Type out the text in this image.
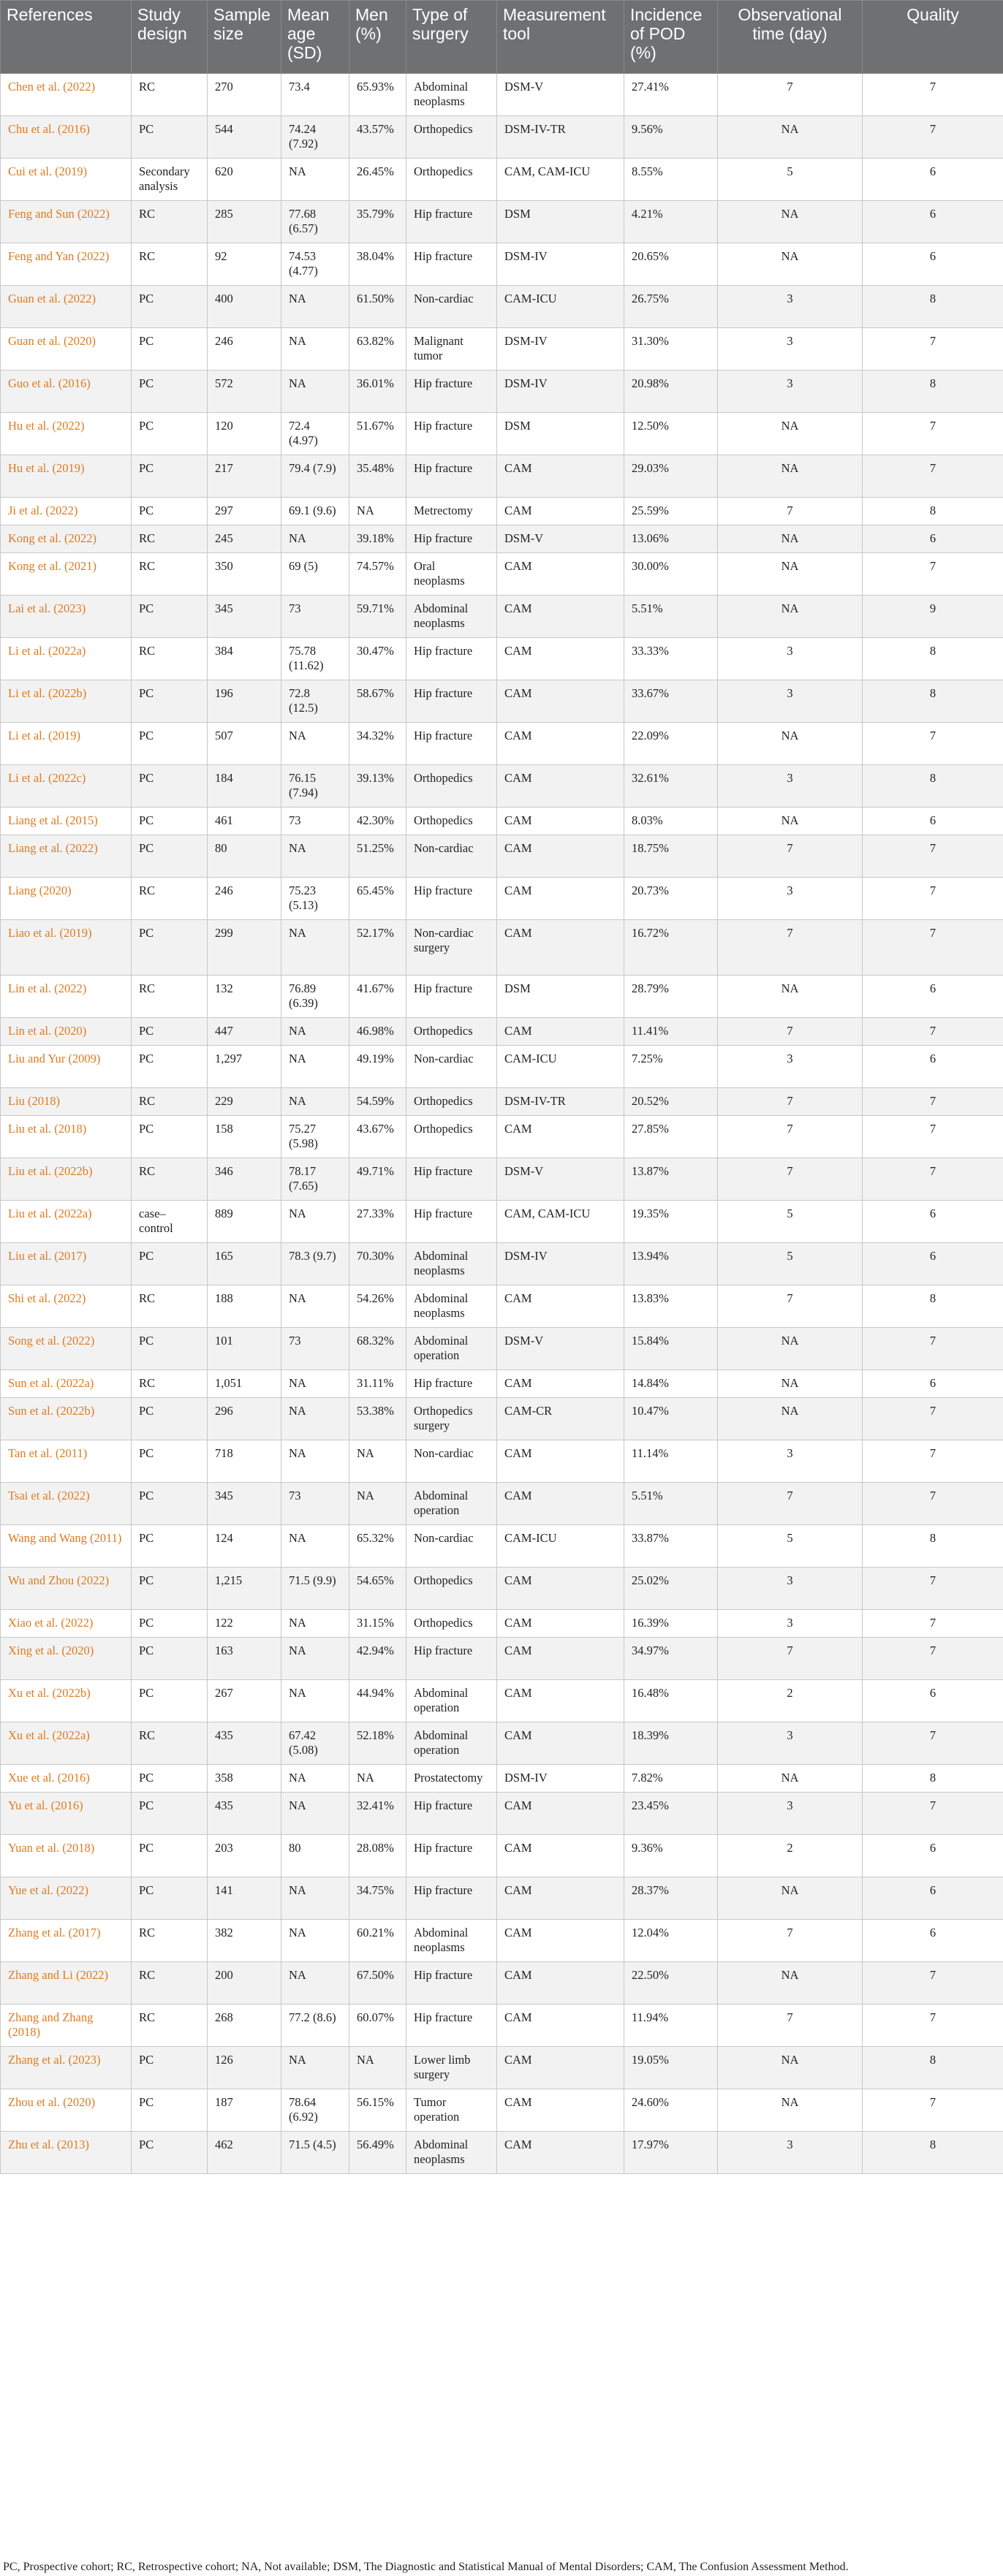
References	Study design	Sample size	Mean age (SD)	Men (%)	Type of surgery	Measurement tool	Incidence of POD (%)	Observational time (day)	Quality
Chen et al. (2022)	RC	270	73.4	65.93%	Abdominal neoplasms	DSM-V	27.41%	7	7
Chu et al. (2016)	PC	544	74.24 (7.92)	43.57%	Orthopedics	DSM-IV-TR	9.56%	NA	7
Cui et al. (2019)	Secondary analysis	620	NA	26.45%	Orthopedics	CAM, CAM-ICU	8.55%	5	6
Feng and Sun (2022)	RC	285	77.68 (6.57)	35.79%	Hip fracture	DSM	4.21%	NA	6
Feng and Yan (2022)	RC	92	74.53 (4.77)	38.04%	Hip fracture	DSM-IV	20.65%	NA	6
Guan et al. (2022)	PC	400	NA	61.50%	Non-cardiac	CAM-ICU	26.75%	3	8
Guan et al. (2020)	PC	246	NA	63.82%	Malignant tumor	DSM-IV	31.30%	3	7
Guo et al. (2016)	PC	572	NA	36.01%	Hip fracture	DSM-IV	20.98%	3	8
Hu et al. (2022)	PC	120	72.4 (4.97)	51.67%	Hip fracture	DSM	12.50%	NA	7
Hu et al. (2019)	PC	217	79.4 (7.9)	35.48%	Hip fracture	CAM	29.03%	NA	7
Ji et al. (2022)	PC	297	69.1 (9.6)	NA	Metrectomy	CAM	25.59%	7	8
Kong et al. (2022)	RC	245	NA	39.18%	Hip fracture	DSM-V	13.06%	NA	6
Kong et al. (2021)	RC	350	69 (5)	74.57%	Oral neoplasms	CAM	30.00%	NA	7
Lai et al. (2023)	PC	345	73	59.71%	Abdominal neoplasms	CAM	5.51%	NA	9
Li et al. (2022a)	RC	384	75.78 (11.62)	30.47%	Hip fracture	CAM	33.33%	3	8
Li et al. (2022b)	PC	196	72.8 (12.5)	58.67%	Hip fracture	CAM	33.67%	3	8
Li et al. (2019)	PC	507	NA	34.32%	Hip fracture	CAM	22.09%	NA	7
Li et al. (2022c)	PC	184	76.15 (7.94)	39.13%	Orthopedics	CAM	32.61%	3	8
Liang et al. (2015)	PC	461	73	42.30%	Orthopedics	CAM	8.03%	NA	6
Liang et al. (2022)	PC	80	NA	51.25%	Non-cardiac	CAM	18.75%	7	7
Liang (2020)	RC	246	75.23 (5.13)	65.45%	Hip fracture	CAM	20.73%	3	7
Liao et al. (2019)	PC	299	NA	52.17%	Non-cardiac surgery	CAM	16.72%	7	7
Lin et al. (2022)	RC	132	76.89 (6.39)	41.67%	Hip fracture	DSM	28.79%	NA	6
Lin et al. (2020)	PC	447	NA	46.98%	Orthopedics	CAM	11.41%	7	7
Liu and Yur (2009)	PC	1,297	NA	49.19%	Non-cardiac	CAM-ICU	7.25%	3	6
Liu (2018)	RC	229	NA	54.59%	Orthopedics	DSM-IV-TR	20.52%	7	7
Liu et al. (2018)	PC	158	75.27 (5.98)	43.67%	Orthopedics	CAM	27.85%	7	7
Liu et al. (2022b)	RC	346	78.17 (7.65)	49.71%	Hip fracture	DSM-V	13.87%	7	7
Liu et al. (2022a)	case–control	889	NA	27.33%	Hip fracture	CAM, CAM-ICU	19.35%	5	6
Liu et al. (2017)	PC	165	78.3 (9.7)	70.30%	Abdominal neoplasms	DSM-IV	13.94%	5	6
Shi et al. (2022)	RC	188	NA	54.26%	Abdominal neoplasms	CAM	13.83%	7	8
Song et al. (2022)	PC	101	73	68.32%	Abdominal operation	DSM-V	15.84%	NA	7
Sun et al. (2022a)	RC	1,051	NA	31.11%	Hip fracture	CAM	14.84%	NA	6
Sun et al. (2022b)	PC	296	NA	53.38%	Orthopedics surgery	CAM-CR	10.47%	NA	7
Tan et al. (2011)	PC	718	NA	NA	Non-cardiac	CAM	11.14%	3	7
Tsai et al. (2022)	PC	345	73	NA	Abdominal operation	CAM	5.51%	7	7
Wang and Wang (2011)	PC	124	NA	65.32%	Non-cardiac	CAM-ICU	33.87%	5	8
Wu and Zhou (2022)	PC	1,215	71.5 (9.9)	54.65%	Orthopedics	CAM	25.02%	3	7
Xiao et al. (2022)	PC	122	NA	31.15%	Orthopedics	CAM	16.39%	3	7
Xing et al. (2020)	PC	163	NA	42.94%	Hip fracture	CAM	34.97%	7	7
Xu et al. (2022b)	PC	267	NA	44.94%	Abdominal operation	CAM	16.48%	2	6
Xu et al. (2022a)	RC	435	67.42 (5.08)	52.18%	Abdominal operation	CAM	18.39%	3	7
Xue et al. (2016)	PC	358	NA	NA	Prostatectomy	DSM-IV	7.82%	NA	8
Yu et al. (2016)	PC	435	NA	32.41%	Hip fracture	CAM	23.45%	3	7
Yuan et al. (2018)	PC	203	80	28.08%	Hip fracture	CAM	9.36%	2	6
Yue et al. (2022)	PC	141	NA	34.75%	Hip fracture	CAM	28.37%	NA	6
Zhang et al. (2017)	RC	382	NA	60.21%	Abdominal neoplasms	CAM	12.04%	7	6
Zhang and Li (2022)	RC	200	NA	67.50%	Hip fracture	CAM	22.50%	NA	7
Zhang and Zhang (2018)	RC	268	77.2 (8.6)	60.07%	Hip fracture	CAM	11.94%	7	7
Zhang et al. (2023)	PC	126	NA	NA	Lower limb surgery	CAM	19.05%	NA	8
Zhou et al. (2020)	PC	187	78.64 (6.92)	56.15%	Tumor operation	CAM	24.60%	NA	7
Zhu et al. (2013)	PC	462	71.5 (4.5)	56.49%	Abdominal neoplasms	CAM	17.97%	3	8
PC, Prospective cohort; RC, Retrospective cohort; NA, Not available; DSM, The Diagnostic and Statistical Manual of Mental Disorders; CAM, The Confusion Assessment Method.
